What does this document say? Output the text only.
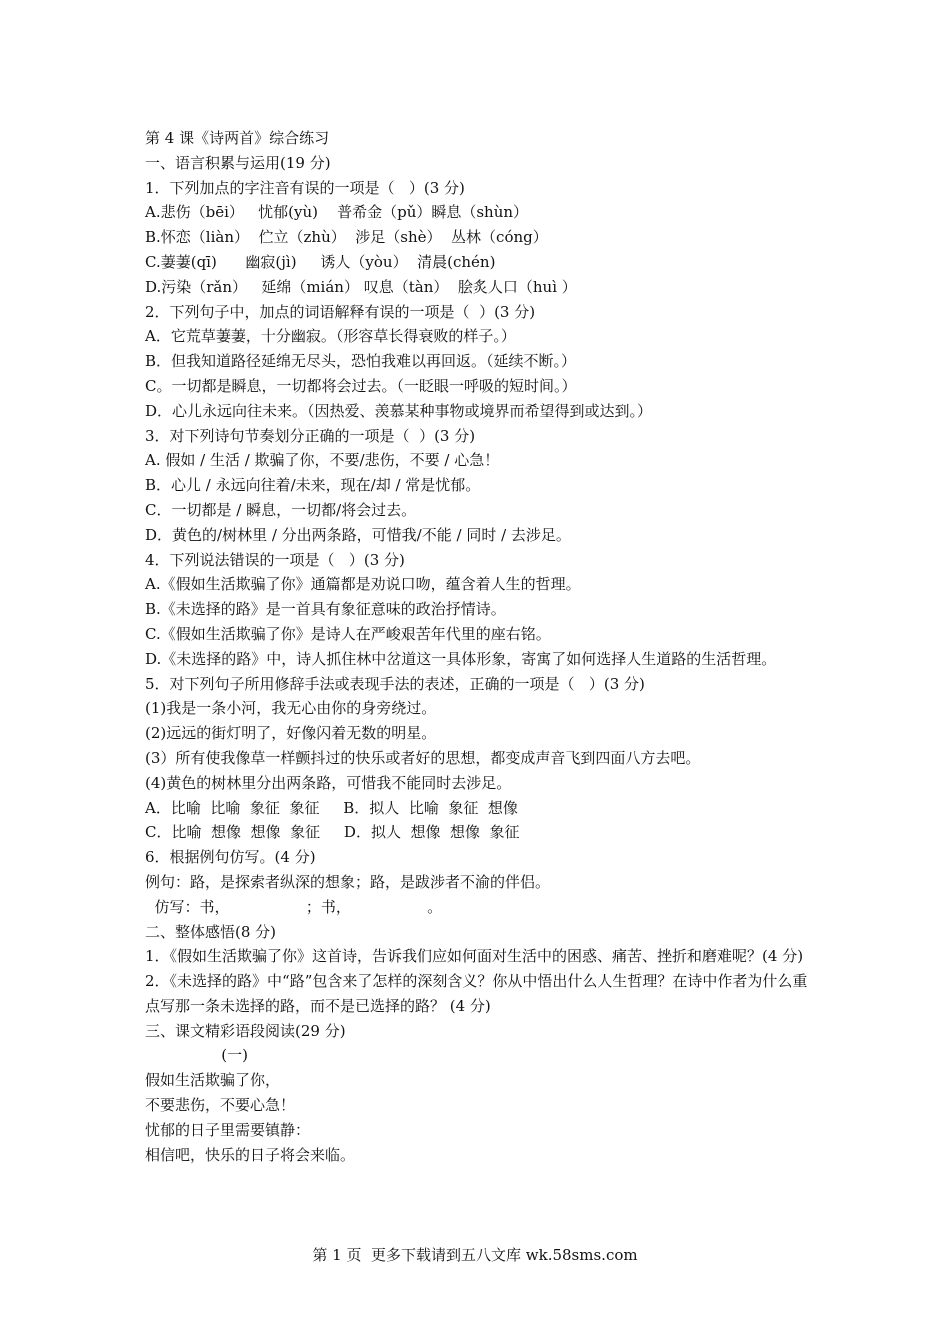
第 4 课《诗两首》综合练习
一、语言积累与运用(19 分)
1．下列加点的字注音有误的一项是（   ）(3 分)
A.悲伤（bēi）   忧郁(yù)    普希金（pǔ）瞬息（shùn）
B.怀恋（liàn）  伫立（zhù）  涉足（shè）  丛林（cóng）
C.萋萋(qī)      幽寂(jì)     诱人（yòu）  清晨(chén)
D.污染（rǎn）   延绵（mián） 叹息（tàn）  脍炙人口（huì ）
2．下列句子中，加点的词语解释有误的一项是（  ）(3 分)
A．它荒草萋萋，十分幽寂。（形容草长得衰败的样子。）
B．但我知道路径延绵无尽头，恐怕我难以再回返。（延续不断。）
C。一切都是瞬息，一切都将会过去。（一眨眼一呼吸的短时间。）
D．心儿永远向往未来。（因热爱、羡慕某种事物或境界而希望得到或达到。）
3．对下列诗句节奏划分正确的一项是（  ）(3 分)
A. 假如 / 生活 / 欺骗了你，不要/悲伤，不要 / 心急！
B．心儿 / 永远向往着/未来，现在/却 / 常是忧郁。
C．一切都是 / 瞬息，一切都/将会过去。
D．黄色的/树林里 / 分出两条路，可惜我/不能 / 同时 / 去涉足。
4．下列说法错误的一项是（   ）(3 分)
A.《假如生活欺骗了你》通篇都是劝说口吻，蕴含着人生的哲理。
B.《未选择的路》是一首具有象征意味的政治抒情诗。
C.《假如生活欺骗了你》是诗人在严峻艰苦年代里的座右铭。
D.《未选择的路》中，诗人抓住林中岔道这一具体形象，寄寓了如何选择人生道路的生活哲理。
5．对下列句子所用修辞手法或表现手法的表述，正确的一项是（   ）(3 分)
(1)我是一条小河，我无心由你的身旁绕过。
(2)远远的街灯明了，好像闪着无数的明星。
(3）所有使我像草一样颤抖过的快乐或者好的思想，都变成声音飞到四面八方去吧。
(4)黄色的树林里分出两条路，可惜我不能同时去涉足。
A．比喻  比喻  象征  象征     B．拟人  比喻  象征  想像
C．比喻  想像  想像  象征     D．拟人  想像  想像  象征
6．根据例句仿写。(4 分)
例句：路，是探索者纵深的想象；路，是跋涉者不渝的伴侣。
仿写：书，                ；书，                。
二、整体感悟(8 分)
1．《假如生活欺骗了你》这首诗，告诉我们应如何面对生活中的困惑、痛苦、挫折和磨难呢？(4 分)
2．《未选择的路》中“路”包含来了怎样的深刻含义？你从中悟出什么人生哲理？在诗中作者为什么重点写那一条未选择的路，而不是已选择的路？ (4 分)
三、课文精彩语段阅读(29 分)
(一)
假如生活欺骗了你，
不要悲伤，不要心急！
忧郁的日子里需要镇静：
相信吧，快乐的日子将会来临。
第 1 页  更多下载请到五八文库 wk.58sms.com
